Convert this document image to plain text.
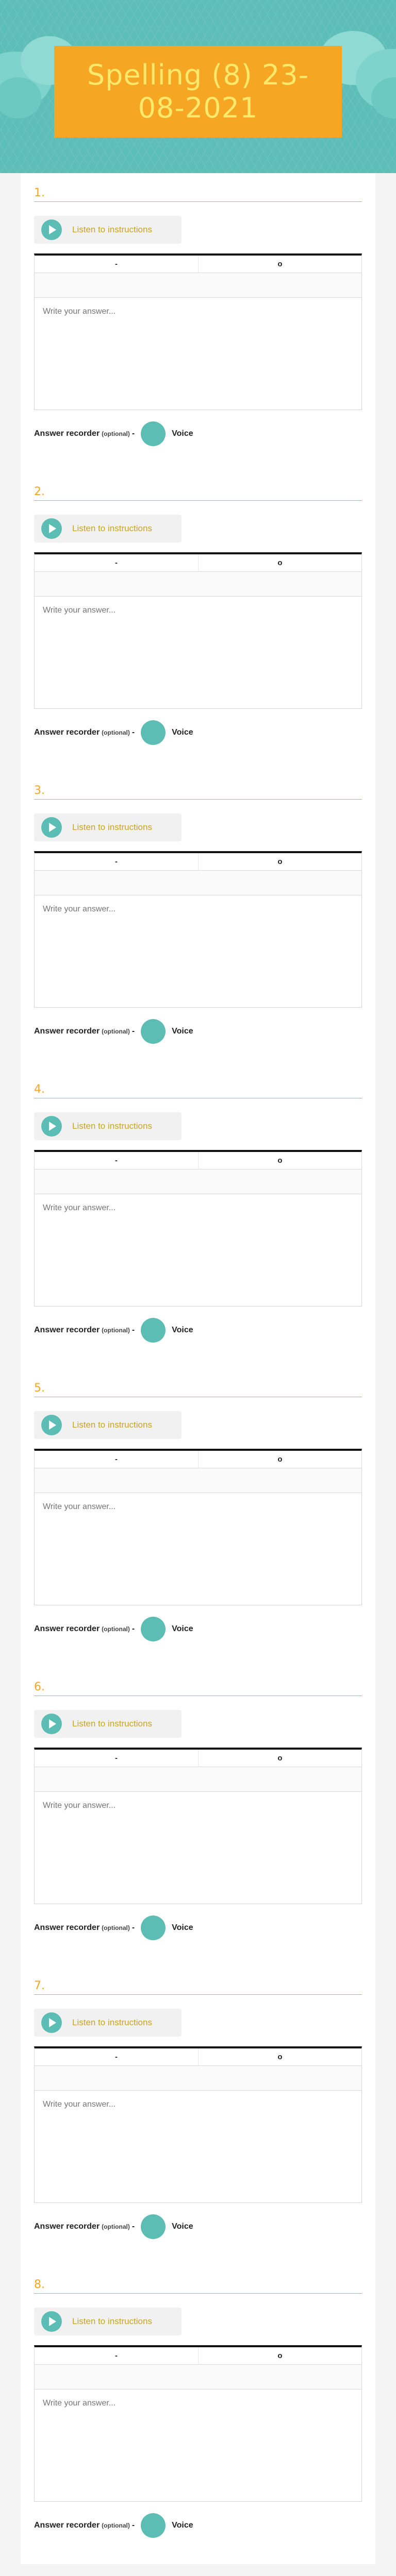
Spelling (8) 23-08-2021
1.
Listen to instructions
-	o
Write your answer...
Answer recorder (optional) -	Voice
2.
Listen to instructions
-	o
Write your answer...
Answer recorder (optional) -	Voice
3.
Listen to instructions
-	o
Write your answer...
Answer recorder (optional) -	Voice
4.
Listen to instructions
-	o
Write your answer...
Answer recorder (optional) -	Voice
5.
Listen to instructions
-	o
Write your answer...
Answer recorder (optional) -	Voice
6.
Listen to instructions
-	o
Write your answer...
Answer recorder (optional) -	Voice
7.
Listen to instructions
-	o
Write your answer...
Answer recorder (optional) -	Voice
8.
Listen to instructions
-	o
Write your answer...
Answer recorder (optional) -	Voice
